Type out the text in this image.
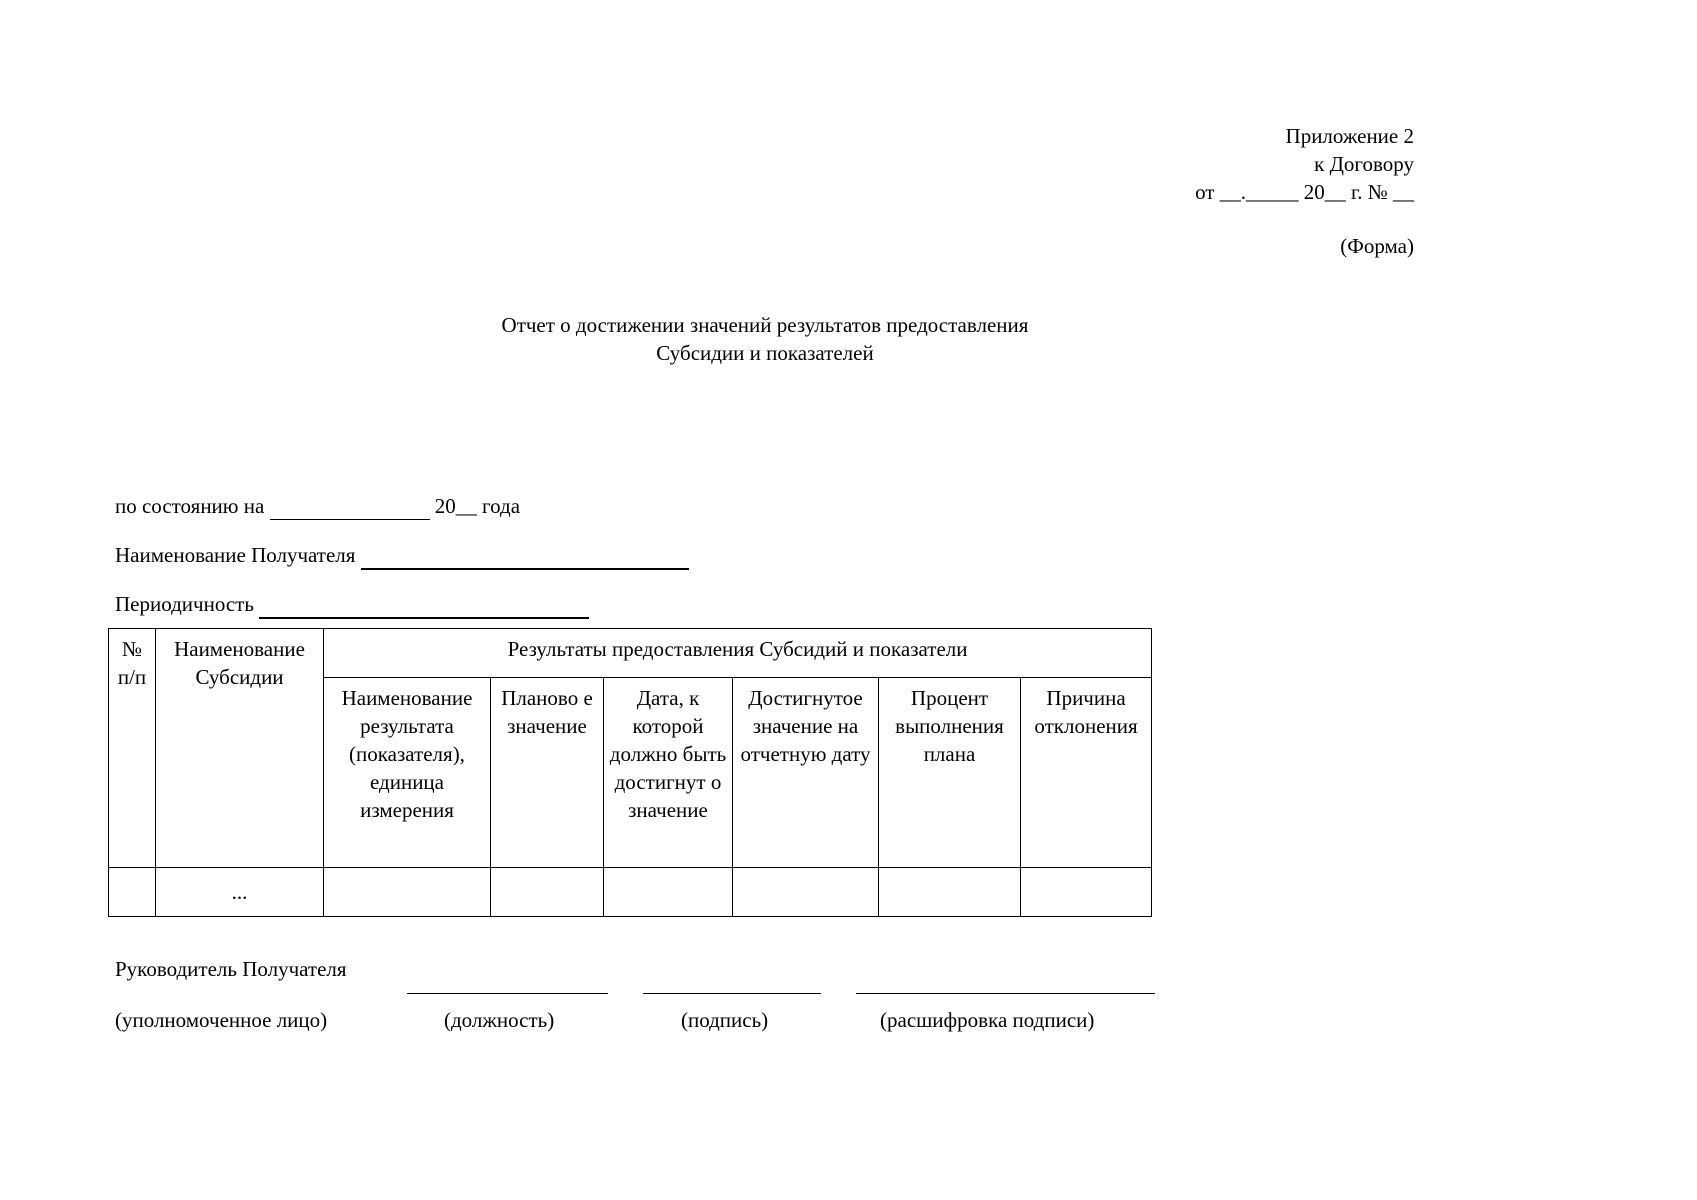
Приложение 2
к Договору
от __._____ 20__ г. № __
(Форма)
Отчет о достижении значений результатов предоставления
Субсидии и показателей
по состоянию на	20__ года
Наименование Получателя
Периодичность
№ п/п	Наименование Субсидии	Результаты предоставления Субсидий и показатели					
		Наименование результата (показателя), единица измерения	Планово е значение	Дата, к которой должно быть достигнут о значение	Достигнутое значение на отчетную дату	Процент выполнения плана	Причина отклонения
	...						
Руководитель Получателя
(уполномоченное лицо)	(должность)	(подпись)	(расшифровка подписи)
